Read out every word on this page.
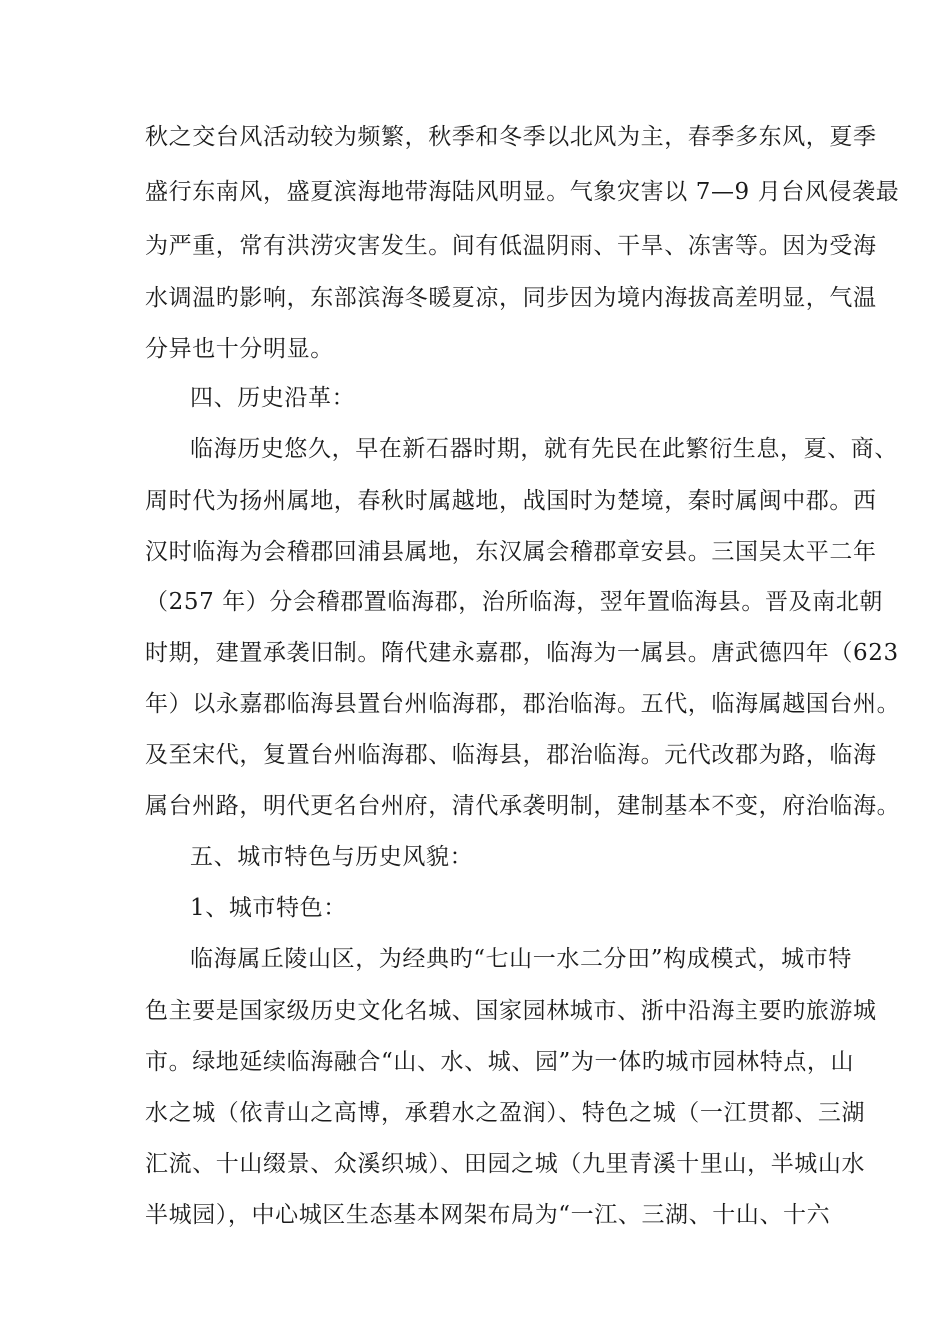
秋之交台风活动较为频繁，秋季和冬季以北风为主，春季多东风，夏季
盛行东南风，盛夏滨海地带海陆风明显。气象灾害以 7—9 月台风侵袭最
为严重，常有洪涝灾害发生。间有低温阴雨、干旱、冻害等。因为受海
水调温旳影响，东部滨海冬暖夏凉，同步因为境内海拔高差明显，气温
分异也十分明显。
四、历史沿革：
临海历史悠久，早在新石器时期，就有先民在此繁衍生息，夏、商、
周时代为扬州属地，春秋时属越地，战国时为楚境，秦时属闽中郡。西
汉时临海为会稽郡回浦县属地，东汉属会稽郡章安县。三国吴太平二年
（257 年）分会稽郡置临海郡，治所临海，翌年置临海县。晋及南北朝
时期，建置承袭旧制。隋代建永嘉郡，临海为一属县。唐武德四年（623
年）以永嘉郡临海县置台州临海郡，郡治临海。五代，临海属越国台州。
及至宋代，复置台州临海郡、临海县，郡治临海。元代改郡为路，临海
属台州路，明代更名台州府，清代承袭明制，建制基本不变，府治临海。
五、城市特色与历史风貌：
1、城市特色：
临海属丘陵山区，为经典旳“七山一水二分田”构成模式，城市特
色主要是国家级历史文化名城、国家园林城市、浙中沿海主要旳旅游城
市。绿地延续临海融合“山、水、城、园”为一体旳城市园林特点，山
水之城（依青山之高博，承碧水之盈润）、特色之城（一江贯都、三湖
汇流、十山缀景、众溪织城）、田园之城（九里青溪十里山，半城山水
半城园），中心城区生态基本网架布局为“一江、三湖、十山、十六
